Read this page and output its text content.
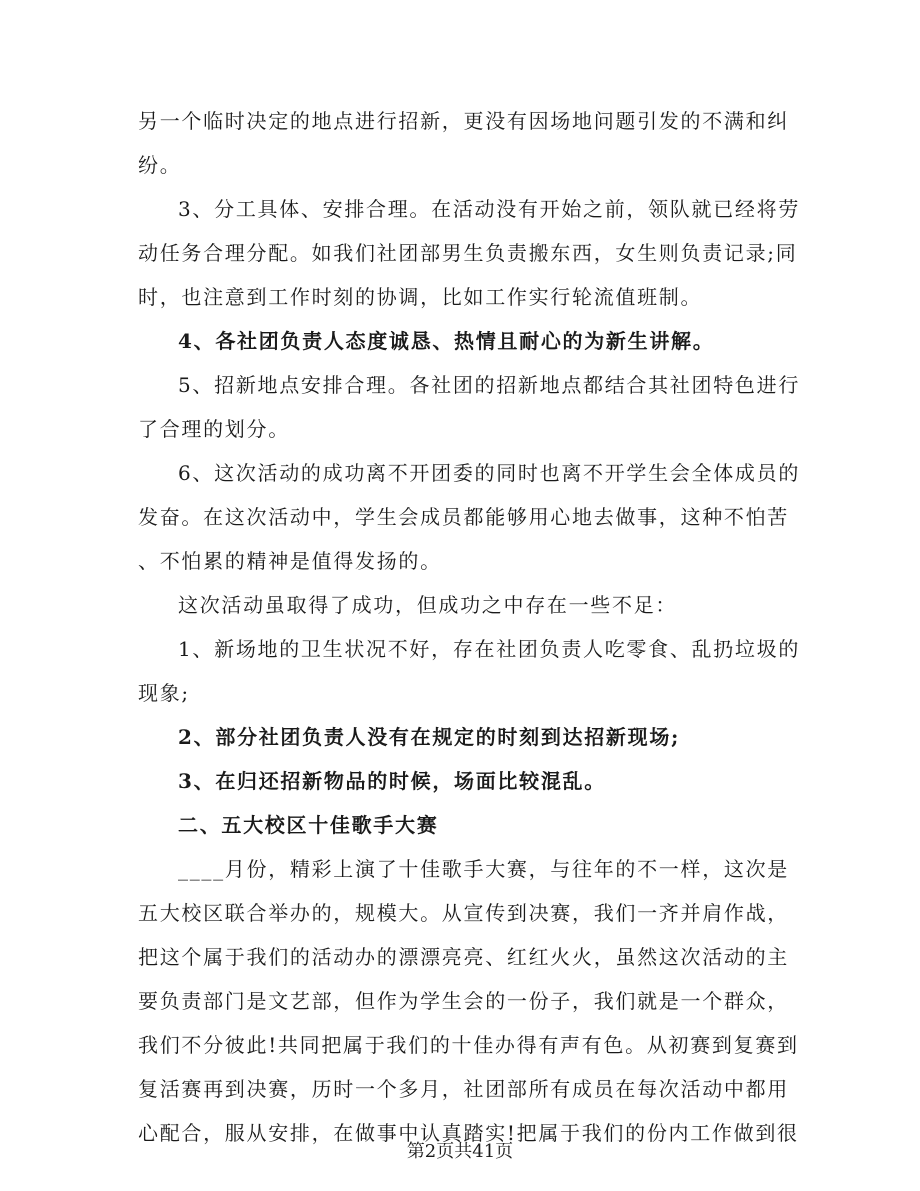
另一个临时决定的地点进行招新，更没有因场地问题引发的不满和纠
纷。
3、分工具体、安排合理。在活动没有开始之前，领队就已经将劳
动任务合理分配。如我们社团部男生负责搬东西，女生则负责记录;同
时，也注意到工作时刻的协调，比如工作实行轮流值班制。
4、各社团负责人态度诚恳、热情且耐心的为新生讲解。
5、招新地点安排合理。各社团的招新地点都结合其社团特色进行
了合理的划分。
6、这次活动的成功离不开团委的同时也离不开学生会全体成员的
发奋。在这次活动中，学生会成员都能够用心地去做事，这种不怕苦
、不怕累的精神是值得发扬的。
这次活动虽取得了成功，但成功之中存在一些不足：
1、新场地的卫生状况不好，存在社团负责人吃零食、乱扔垃圾的
现象;
2、部分社团负责人没有在规定的时刻到达招新现场;
3、在归还招新物品的时候，场面比较混乱。
二、五大校区十佳歌手大赛
____月份，精彩上演了十佳歌手大赛，与往年的不一样，这次是
五大校区联合举办的，规模大。从宣传到决赛，我们一齐并肩作战，
把这个属于我们的活动办的漂漂亮亮、红红火火，虽然这次活动的主
要负责部门是文艺部，但作为学生会的一份子，我们就是一个群众，
我们不分彼此!共同把属于我们的十佳办得有声有色。从初赛到复赛到
复活赛再到决赛，历时一个多月，社团部所有成员在每次活动中都用
心配合，服从安排，在做事中认真踏实!把属于我们的份内工作做到很
第2页共41页
